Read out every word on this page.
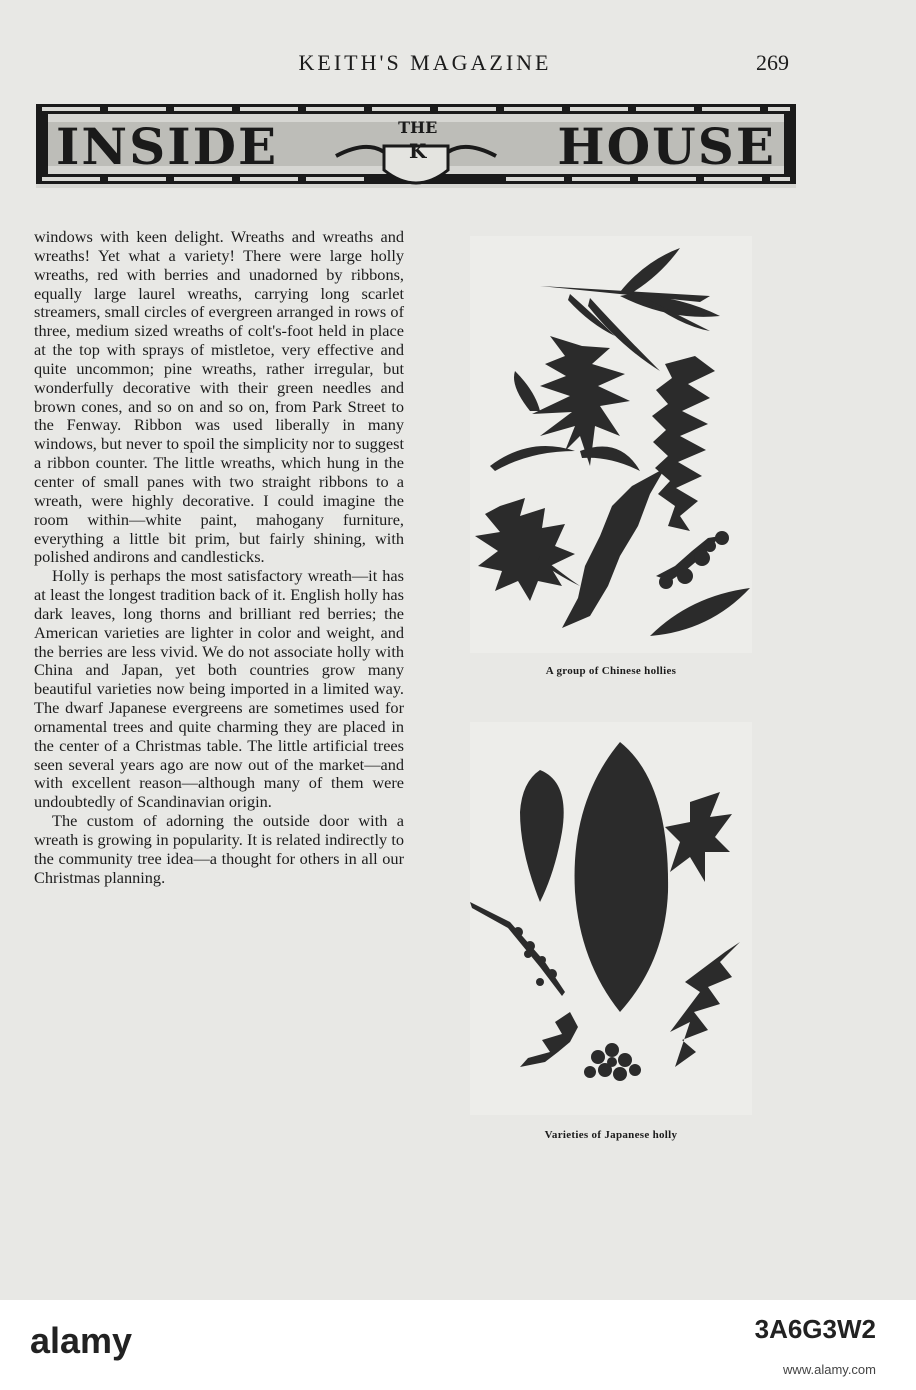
KEITH'S MAGAZINE	269
INSIDE	THE
K	HOUSE

windows with keen delight. Wreaths and wreaths and wreaths! Yet what a variety! There were large holly wreaths, red with berries and unadorned by ribbons, equally large laurel wreaths, carrying long scarlet streamers, small circles of evergreen arranged in rows of three, medium sized wreaths of colt's-foot held in place at the top with sprays of mistletoe, very effective and quite uncommon; pine wreaths, rather irregular, but wonderfully decorative with their green needles and brown cones, and so on and so on, from Park Street to the Fenway. Ribbon was used liberally in many windows, but never to spoil the simplicity nor to suggest a ribbon counter. The little wreaths, which hung in the center of small panes with two straight ribbons to a wreath, were highly decorative. I could imagine the room within—white paint, mahogany furniture, everything a little bit prim, but fairly shining, with polished andirons and candlesticks.

Holly is perhaps the most satisfactory wreath—it has at least the longest tradition back of it. English holly has dark leaves, long thorns and brilliant red berries; the American varieties are lighter in color and weight, and the berries are less vivid. We do not associate holly with China and Japan, yet both countries grow many beautiful varieties now being imported in a limited way. The dwarf Japanese evergreens are sometimes used for ornamental trees and quite charming they are placed in the center of a Christmas table. The little artificial trees seen several years ago are now out of the market—and with excellent reason—although many of them were undoubtedly of Scandinavian origin.

The custom of adorning the outside door with a wreath is growing in popularity. It is related indirectly to the community tree idea—a thought for others in all our Christmas planning.

A group of Chinese hollies
Varieties of Japanese holly
alamy	3A6G3W2
www.alamy.com
